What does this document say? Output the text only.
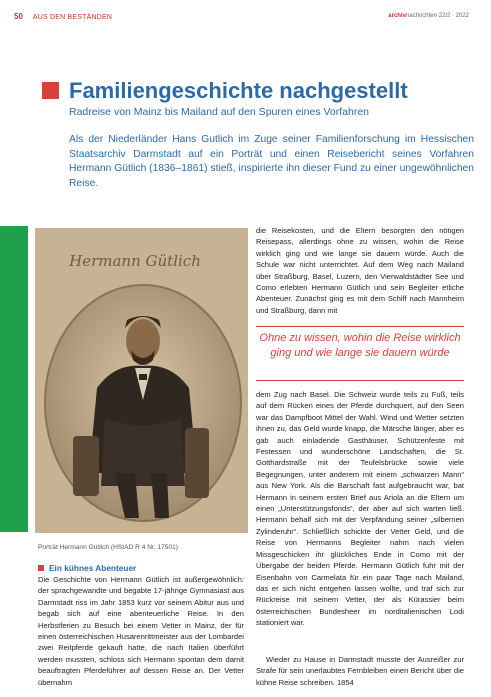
50 AUS DEN BESTÄNDEN	archivnachrichten 22/2 · 2022
Familiengeschichte nachgestellt
Radreise von Mainz bis Mailand auf den Spuren eines Vorfahren

Als der Niederländer Hans Gutlich im Zuge seiner Familienforschung im Hessischen Staatsarchiv Darmstadt auf ein Porträt und einen Reisebericht seines Vorfahren Hermann Gütlich (1836–1861) stieß, inspirierte ihn dieser Fund zu einer ungewöhnlichen Reise.

Hermann Gütlich
Porträt Hermann Gütlich (HStAD R 4 Nr. 17501)
Ein kühnes Abenteuer

Die Geschichte von Hermann Gütlich ist außergewöhnlich: der sprachgewandte und begabte 17-jährige Gymnasiast aus Darmstadt riss im Jahr 1853 kurz vor seinem Abitur aus und begab sich auf eine abenteuerliche Reise. In den Herbstferien zu Besuch bei einem Vetter in Mainz, der für einen österreichischen Husarenrittmeister aus der Lombardei zwei Reitpferde gekauft hatte, die nach Italien überführt werden mussten, schloss sich Hermann spontan dem damit beauftragten Pferdeführer auf dessen Reise an. Der Vetter übernahm

die Reisekosten, und die Eltern besorgten den nötigen Reisepass, allerdings ohne zu wissen, wohin die Reise wirklich ging und wie lange sie dauern würde. Auch die Schule war nicht unterrichtet. Auf dem Weg nach Mailand über Straßburg, Basel, Luzern, den Vierwaldstädter See und Como erlebten Hermann Gütlich und sein Begleiter etliche Abenteuer. Zunächst ging es mit dem Schiff nach Mannheim und Straßburg, dann mit

Ohne zu wissen, wohin die Reise wirklich ging und wie lange sie dauern würde

dem Zug nach Basel. Die Schweiz wurde teils zu Fuß, teils auf dem Rücken eines der Pferde durchquert, auf den Seen war das Dampfboot Mittel der Wahl. Wind und Wetter setzten ihnen zu, das Geld wurde knapp, die Märsche länger, aber es gab auch einladende Gasthäuser, Schützenfeste mit Festessen und wunderschöne Landschaften, die St. Gotthardstraße mit der Teufelsbrücke sowie viele Begegnungen, unter anderem mit einem „schwarzen Mann“ aus New York. Als die Barschaft fast aufgebraucht war, bat Hermann in seinem ersten Brief aus Ariola an die Eltern um einen „Unterstützungsfonds“, der aber auf sich warten ließ. Hermann behalf sich mit der Verpfändung seiner „silbernen Zylinderuhr“. Schließlich schickte der Vetter Geld, und die Reise von Hermanns Begleiter nahm nach vielen Missgeschicken ihr glückliches Ende in Como mit der Übergabe der beiden Pferde. Hermann Gütlich fuhr mit der Eisenbahn von Carmelata für ein paar Tage nach Mailand, das er sich nicht entgehen lassen wollte, und traf sich zur Rückreise mit seinem Vetter, der als Kürassier beim österreichischen Bundesheer im norditalienischen Lodi stationiert war.

Wieder zu Hause in Darmstadt musste der Ausreißer zur Strafe für sein unerlaubtes Fernbleiben einen Bericht über die kühne Reise schreiben. 1854
